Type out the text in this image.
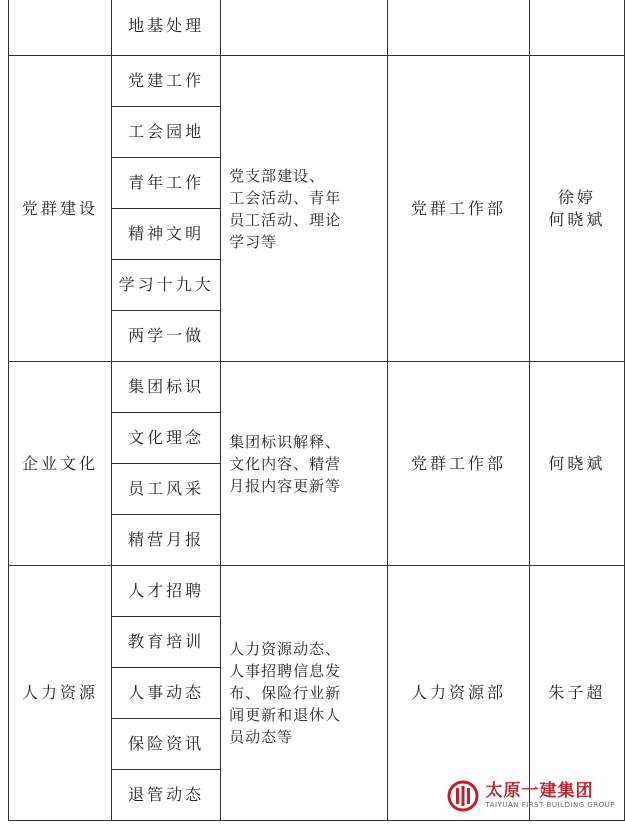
	地基处理			
党群建设	党建工作	党支部建设、
工会活动、青年
员工活动、理论
学习等	党群工作部	徐婷
何晓斌

	工会园地			
	青年工作			
	精神文明			
	学习十九大			
	两学一做			
企业文化	集团标识	集团标识解释、
文化内容、精营
月报内容更新等	党群工作部	何晓斌
	文化理念			
	员工风采			
	精营月报			
人力资源	人才招聘	人力资源动态、
人事招聘信息发
布、保险行业新
闻更新和退休人
员动态等	人力资源部	朱子超
	教育培训			
	人事动态			
	保险资讯			
	退管动态				太原一建集团
TAIYUAN FIRST BUILDING GROUP
